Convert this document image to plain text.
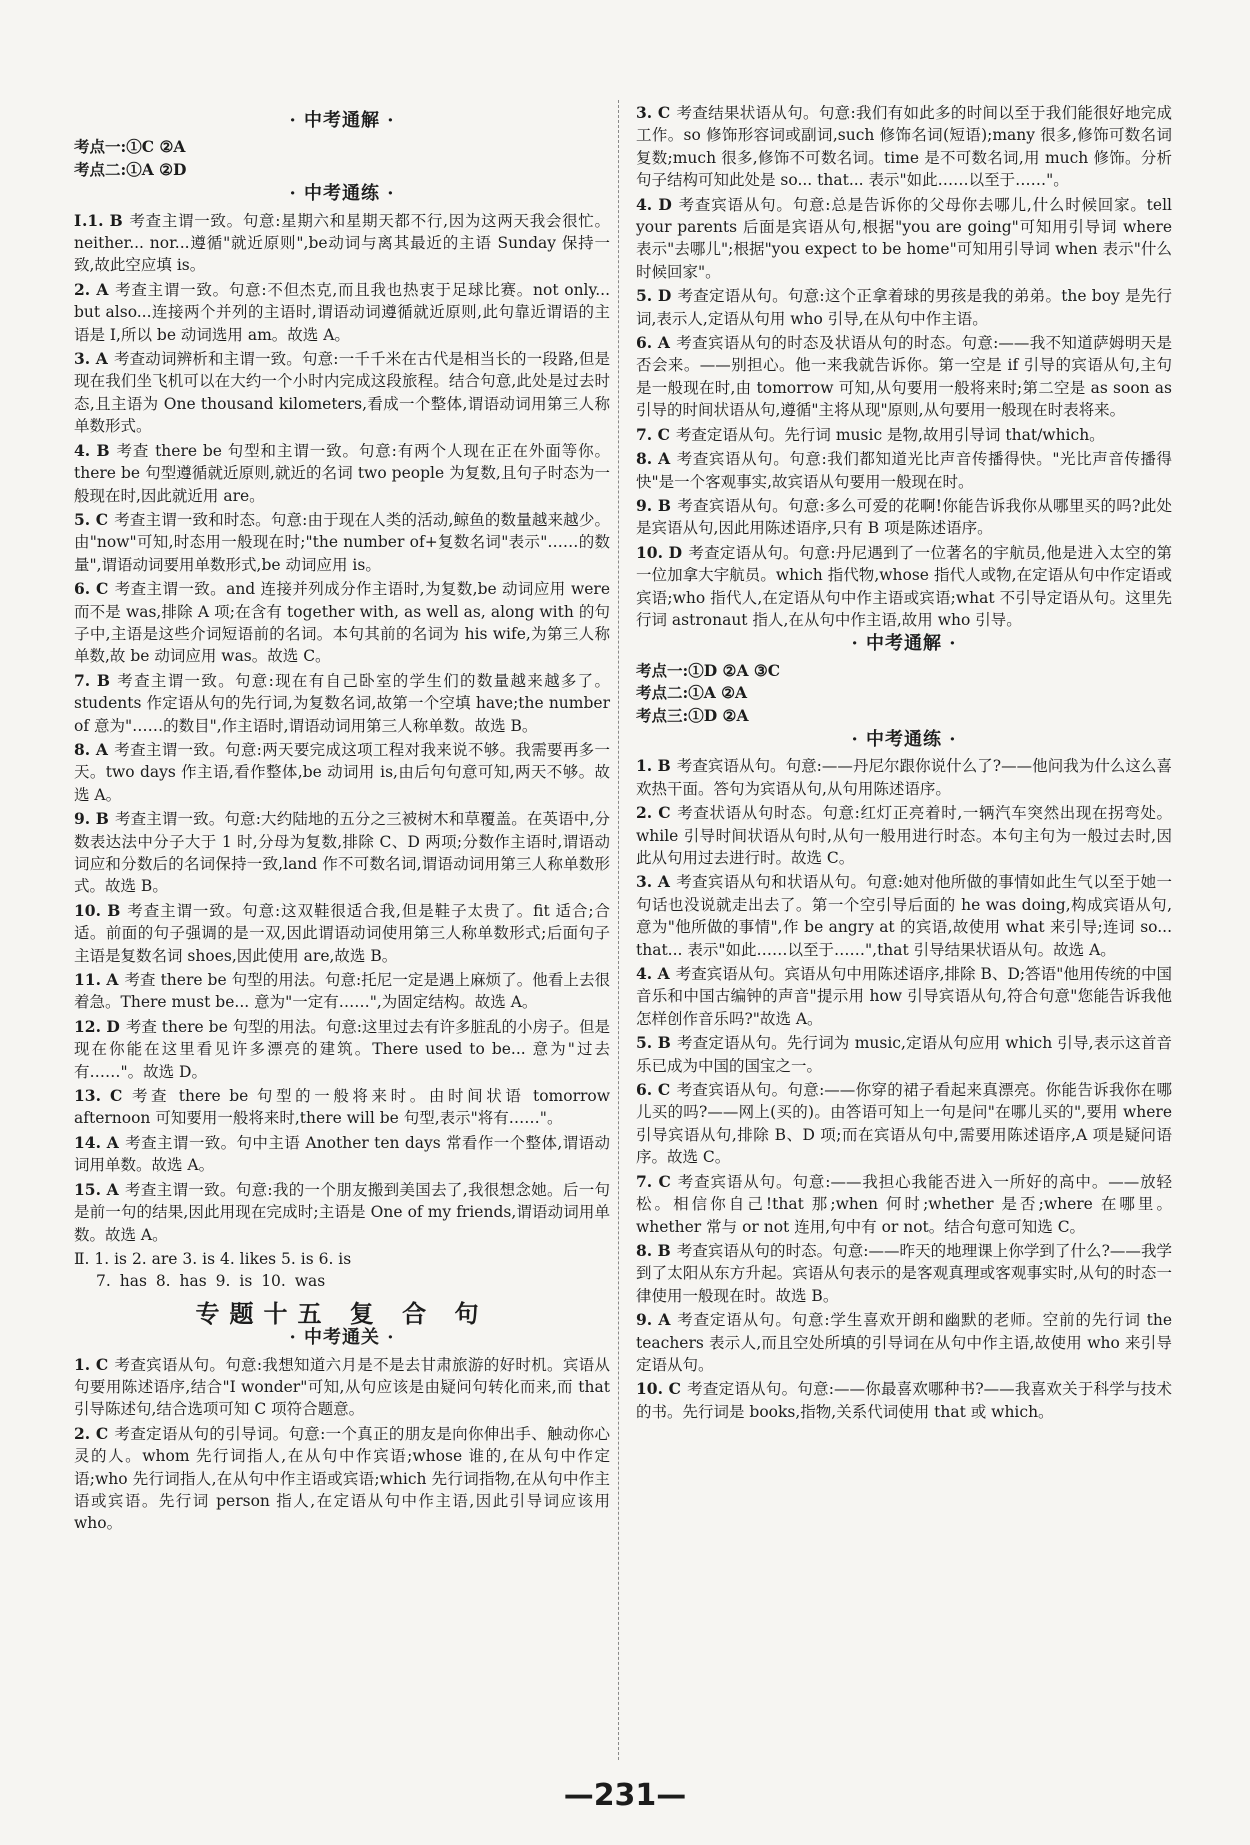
· 中考通解 ·

考点一:①C ②A

考点二:①A ②D

· 中考通练 ·

Ⅰ.1. B 考查主谓一致。句意:星期六和星期天都不行,因为这两天我会很忙。neither... nor...遵循"就近原则",be动词与离其最近的主语 Sunday 保持一致,故此空应填 is。

2. A 考查主谓一致。句意:不但杰克,而且我也热衷于足球比赛。not only... but also...连接两个并列的主语时,谓语动词遵循就近原则,此句靠近谓语的主语是 I,所以 be 动词选用 am。故选 A。

3. A 考查动词辨析和主谓一致。句意:一千千米在古代是相当长的一段路,但是现在我们坐飞机可以在大约一个小时内完成这段旅程。结合句意,此处是过去时态,且主语为 One thousand kilometers,看成一个整体,谓语动词用第三人称单数形式。

4. B 考查 there be 句型和主谓一致。句意:有两个人现在正在外面等你。there be 句型遵循就近原则,就近的名词 two people 为复数,且句子时态为一般现在时,因此就近用 are。

5. C 考查主谓一致和时态。句意:由于现在人类的活动,鲸鱼的数量越来越少。由"now"可知,时态用一般现在时;"the number of+复数名词"表示"……的数量",谓语动词要用单数形式,be 动词应用 is。

6. C 考查主谓一致。and 连接并列成分作主语时,为复数,be 动词应用 were 而不是 was,排除 A 项;在含有 together with, as well as, along with 的句子中,主语是这些介词短语前的名词。本句其前的名词为 his wife,为第三人称单数,故 be 动词应用 was。故选 C。

7. B 考查主谓一致。句意:现在有自己卧室的学生们的数量越来越多了。students 作定语从句的先行词,为复数名词,故第一个空填 have;the number of 意为"……的数目",作主语时,谓语动词用第三人称单数。故选 B。

8. A 考查主谓一致。句意:两天要完成这项工程对我来说不够。我需要再多一天。two days 作主语,看作整体,be 动词用 is,由后句句意可知,两天不够。故选 A。

9. B 考查主谓一致。句意:大约陆地的五分之三被树木和草覆盖。在英语中,分数表达法中分子大于 1 时,分母为复数,排除 C、D 两项;分数作主语时,谓语动词应和分数后的名词保持一致,land 作不可数名词,谓语动词用第三人称单数形式。故选 B。

10. B 考查主谓一致。句意:这双鞋很适合我,但是鞋子太贵了。fit 适合;合适。前面的句子强调的是一双,因此谓语动词使用第三人称单数形式;后面句子主语是复数名词 shoes,因此使用 are,故选 B。

11. A 考查 there be 句型的用法。句意:托尼一定是遇上麻烦了。他看上去很着急。There must be... 意为"一定有……",为固定结构。故选 A。

12. D 考查 there be 句型的用法。句意:这里过去有许多脏乱的小房子。但是现在你能在这里看见许多漂亮的建筑。There used to be... 意为"过去有……"。故选 D。

13. C 考查 there be 句型的一般将来时。由时间状语 tomorrow afternoon 可知要用一般将来时,there will be 句型,表示"将有……"。

14. A 考查主谓一致。句中主语 Another ten days 常看作一个整体,谓语动词用单数。故选 A。

15. A 考查主谓一致。句意:我的一个朋友搬到美国去了,我很想念她。后一句是前一句的结果,因此用现在完成时;主语是 One of my friends,谓语动词用单数。故选 A。

Ⅱ. 1. is 2. are 3. is 4. likes 5. is 6. is

7. has 8. has 9. is 10. was

专题十五 复 合 句
· 中考通关 ·

1. C 考查宾语从句。句意:我想知道六月是不是去甘肃旅游的好时机。宾语从句要用陈述语序,结合"I wonder"可知,从句应该是由疑问句转化而来,而 that 引导陈述句,结合选项可知 C 项符合题意。

2. C 考查定语从句的引导词。句意:一个真正的朋友是向你伸出手、触动你心灵的人。whom 先行词指人,在从句中作宾语;whose 谁的,在从句中作定语;who 先行词指人,在从句中作主语或宾语;which 先行词指物,在从句中作主语或宾语。先行词 person 指人,在定语从句中作主语,因此引导词应该用 who。

3. C 考查结果状语从句。句意:我们有如此多的时间以至于我们能很好地完成工作。so 修饰形容词或副词,such 修饰名词(短语);many 很多,修饰可数名词复数;much 很多,修饰不可数名词。time 是不可数名词,用 much 修饰。分析句子结构可知此处是 so... that... 表示"如此……以至于……"。

4. D 考查宾语从句。句意:总是告诉你的父母你去哪儿,什么时候回家。tell your parents 后面是宾语从句,根据"you are going"可知用引导词 where 表示"去哪儿";根据"you expect to be home"可知用引导词 when 表示"什么时候回家"。

5. D 考查定语从句。句意:这个正拿着球的男孩是我的弟弟。the boy 是先行词,表示人,定语从句用 who 引导,在从句中作主语。

6. A 考查宾语从句的时态及状语从句的时态。句意:——我不知道萨姆明天是否会来。——别担心。他一来我就告诉你。第一空是 if 引导的宾语从句,主句是一般现在时,由 tomorrow 可知,从句要用一般将来时;第二空是 as soon as 引导的时间状语从句,遵循"主将从现"原则,从句要用一般现在时表将来。

7. C 考查定语从句。先行词 music 是物,故用引导词 that/which。

8. A 考查宾语从句。句意:我们都知道光比声音传播得快。"光比声音传播得快"是一个客观事实,故宾语从句要用一般现在时。

9. B 考查宾语从句。句意:多么可爱的花啊!你能告诉我你从哪里买的吗?此处是宾语从句,因此用陈述语序,只有 B 项是陈述语序。

10. D 考查定语从句。句意:丹尼遇到了一位著名的宇航员,他是进入太空的第一位加拿大宇航员。which 指代物,whose 指代人或物,在定语从句中作定语或宾语;who 指代人,在定语从句中作主语或宾语;what 不引导定语从句。这里先行词 astronaut 指人,在从句中作主语,故用 who 引导。

· 中考通解 ·

考点一:①D ②A ③C

考点二:①A ②A

考点三:①D ②A

· 中考通练 ·

1. B 考查宾语从句。句意:——丹尼尔跟你说什么了?——他问我为什么这么喜欢热干面。答句为宾语从句,从句用陈述语序。

2. C 考查状语从句时态。句意:红灯正亮着时,一辆汽车突然出现在拐弯处。while 引导时间状语从句时,从句一般用进行时态。本句主句为一般过去时,因此从句用过去进行时。故选 C。

3. A 考查宾语从句和状语从句。句意:她对他所做的事情如此生气以至于她一句话也没说就走出去了。第一个空引导后面的 he was doing,构成宾语从句,意为"他所做的事情",作 be angry at 的宾语,故使用 what 来引导;连词 so... that... 表示"如此……以至于……",that 引导结果状语从句。故选 A。

4. A 考查宾语从句。宾语从句中用陈述语序,排除 B、D;答语"他用传统的中国音乐和中国古编钟的声音"提示用 how 引导宾语从句,符合句意"您能告诉我他怎样创作音乐吗?"故选 A。

5. B 考查定语从句。先行词为 music,定语从句应用 which 引导,表示这首音乐已成为中国的国宝之一。

6. C 考查宾语从句。句意:——你穿的裙子看起来真漂亮。你能告诉我你在哪儿买的吗?——网上(买的)。由答语可知上一句是问"在哪儿买的",要用 where 引导宾语从句,排除 B、D 项;而在宾语从句中,需要用陈述语序,A 项是疑问语序。故选 C。

7. C 考查宾语从句。句意:——我担心我能否进入一所好的高中。——放轻松。相信你自己!that 那;when 何时;whether 是否;where 在哪里。whether 常与 or not 连用,句中有 or not。结合句意可知选 C。

8. B 考查宾语从句的时态。句意:——昨天的地理课上你学到了什么?——我学到了太阳从东方升起。宾语从句表示的是客观真理或客观事实时,从句的时态一律使用一般现在时。故选 B。

9. A 考查定语从句。句意:学生喜欢开朗和幽默的老师。空前的先行词 the teachers 表示人,而且空处所填的引导词在从句中作主语,故使用 who 来引导定语从句。

10. C 考查定语从句。句意:——你最喜欢哪种书?——我喜欢关于科学与技术的书。先行词是 books,指物,关系代词使用 that 或 which。

—231—
